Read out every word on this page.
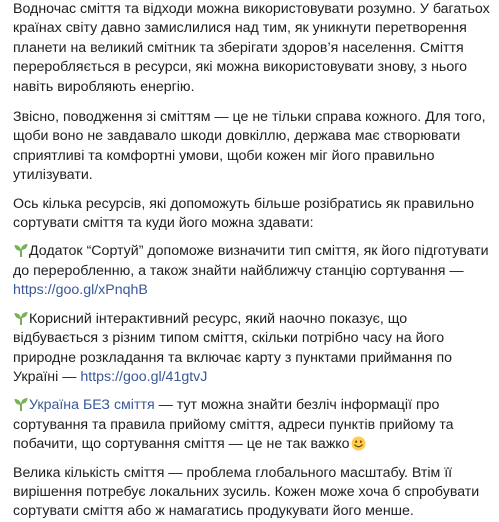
Водночас сміття та відходи можна використовувати розумно. У багатьох
країнах світу давно замислилися над тим, як уникнути перетворення
планети на великий смітник та зберігати здоров’я населення. Сміття
переробляється в ресурси, які можна використовувати знову, з нього
навіть виробляють енергію.

Звісно, поводження зі сміттям — це не тільки справа кожного. Для того,
щоби воно не завдавало шкоди довкіллю, держава має створювати
сприятливі та комфортні умови, щоби кожен міг його правильно
утилізувати.

Ось кілька ресурсів, які допоможуть більше розібратись як правильно
сортувати сміття та куди його можна здавати:

Додаток “Сортуй” допоможе визначити тип сміття, як його підготувати
до переробленню, а також знайти найближчу станцію сортування —
https://goo.gl/xPnqhB

Корисний інтерактивний ресурс, який наочно показує, що
відбувається з різним типом сміття, скільки потрібно часу на його
природне розкладання та включає карту з пунктами приймання по
Україні — https://goo.gl/41gtvJ

Україна БЕЗ сміття — тут можна знайти безліч інформації про
сортування та правила прийому сміття, адреси пунктів прийому та
побачити, що сортування сміття — це не так важко

Велика кількість сміття — проблема глобального масштабу. Втім її
вирішення потребує локальних зусиль. Кожен може хоча б спробувати
сортувати сміття або ж намагатись продукувати його менше.
